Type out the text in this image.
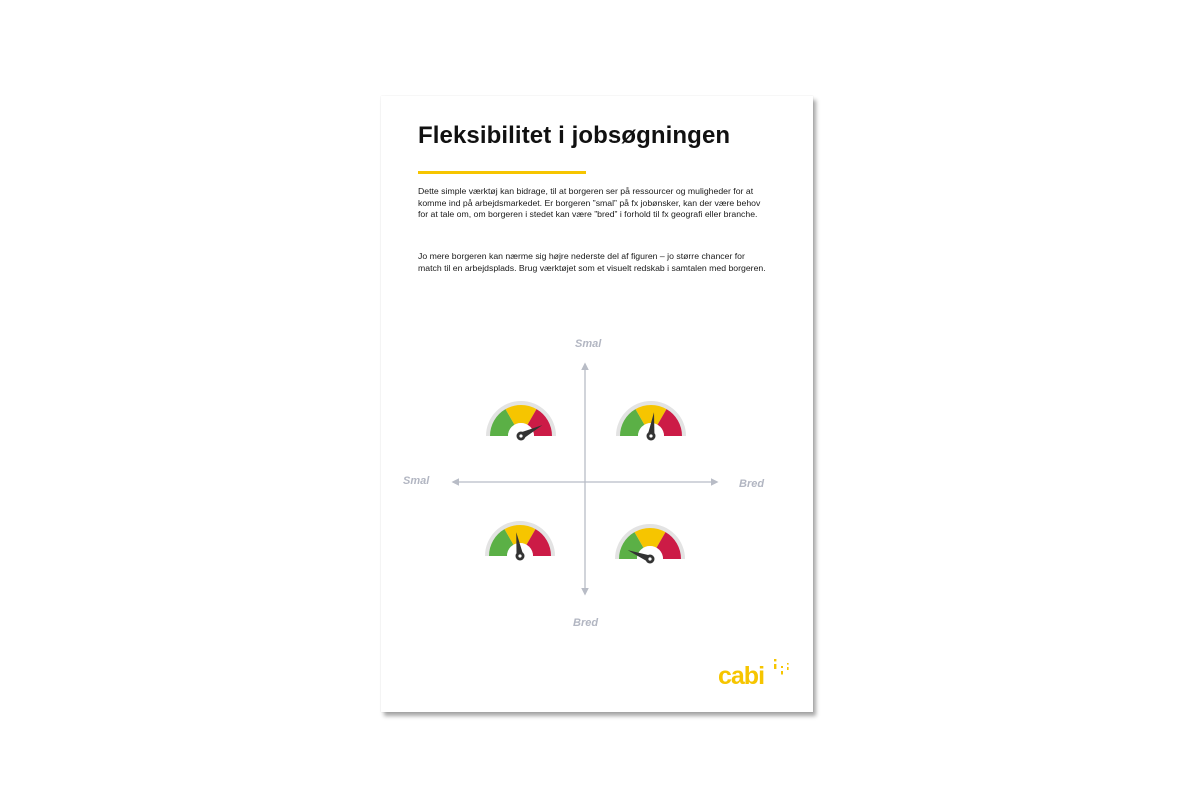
Fleksibilitet i jobsøgningen

Dette simple værktøj kan bidrage, til at borgeren ser på ressourcer og muligheder for at komme ind på arbejdsmarkedet. Er borgeren ”smal” på fx jobønsker, kan der være behov for at tale om, om borgeren i stedet kan være ”bred” i forhold til fx geografi eller branche.

Jo mere borgeren kan nærme sig højre nederste del af figuren – jo større chancer for match til en arbejdsplads. Brug værktøjet som et visuelt redskab i samtalen med borgeren.

Smal
Bred
Smal	Bred
cabi
